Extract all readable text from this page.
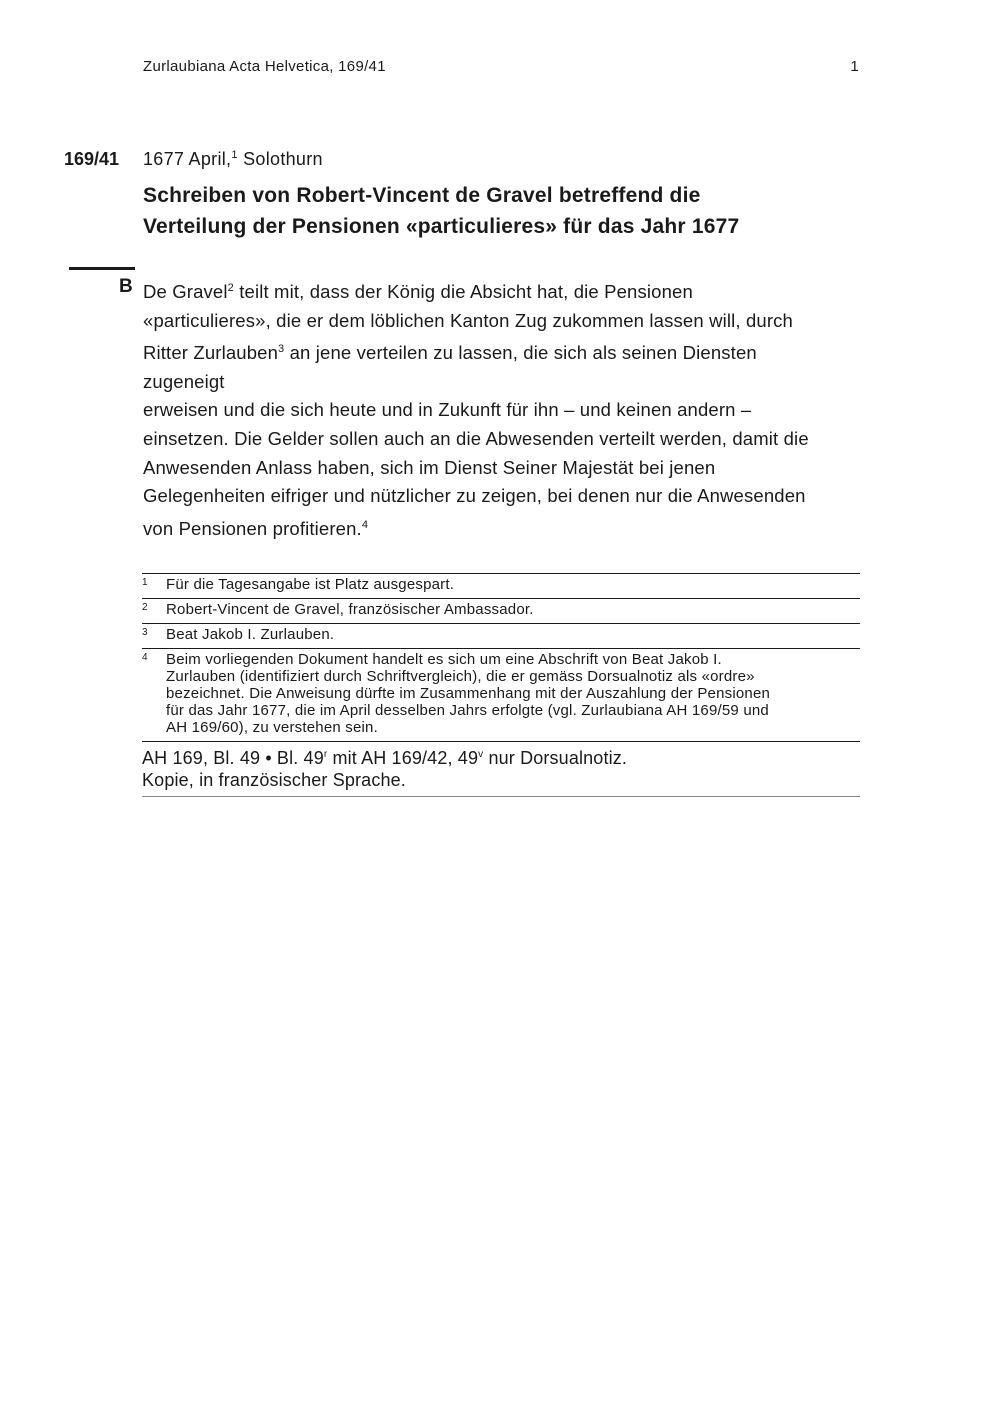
Zurlaubiana Acta Helvetica, 169/41	1
169/41 1677 April,$^1$ Solothurn
Schreiben von Robert-Vincent de Gravel betreffend die
Verteilung der Pensionen «particulieres» für das Jahr 1677
B De Gravel$^2$ teilt mit, dass der König die Absicht hat, die Pensionen
«particulieres», die er dem löblichen Kanton Zug zukommen lassen will, durch
Ritter Zurlauben$^3$ an jene verteilen zu lassen, die sich als seinen Diensten
zugeneigt
erweisen und die sich heute und in Zukunft für ihn – und keinen andern –
einsetzen. Die Gelder sollen auch an die Abwesenden verteilt werden, damit die
Anwesenden Anlass haben, sich im Dienst Seiner Majestät bei jenen
Gelegenheiten eifriger und nützlicher zu zeigen, bei denen nur die Anwesenden
von Pensionen profitieren.$^4$
1 Für die Tagesangabe ist Platz ausgespart.
2 Robert-Vincent de Gravel, französischer Ambassador.
3 Beat Jakob I. Zurlauben.
4 Beim vorliegenden Dokument handelt es sich um eine Abschrift von Beat Jakob I.
Zurlauben (identifiziert durch Schriftvergleich), die er gemäss Dorsualnotiz als «ordre»
bezeichnet. Die Anweisung dürfte im Zusammenhang mit der Auszahlung der Pensionen
für das Jahr 1677, die im April desselben Jahrs erfolgte (vgl. Zurlaubiana AH 169/59 und
AH 169/60), zu verstehen sein.
AH 169, Bl. 49 • Bl. 49$^r$ mit AH 169/42, 49$^v$ nur Dorsualnotiz.
Kopie, in französischer Sprache.
